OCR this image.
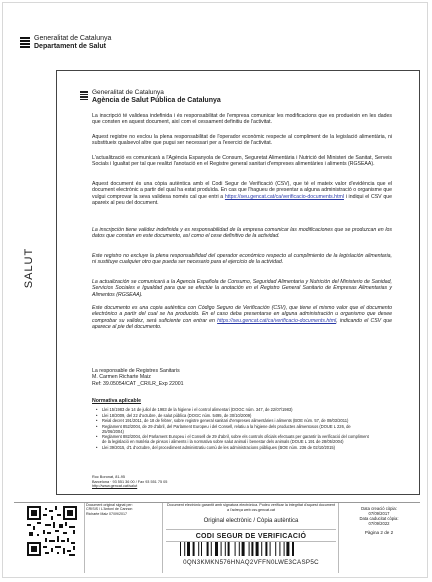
Generalitat de Catalunya
Departament de Salut
SALUT
Generalitat de Catalunya
Agència de Salut Pública de Catalunya
La inscripció té validesa indefinida i és responsabilitat de l'empresa comunicar les modificacions que es produeixin en les dades que consten en aquest document, així com el cessament definitiu de l'activitat.
Aquest registre no exclou la plena responsabilitat de l'operador econòmic respecte al compliment de la legislació alimentària, ni substitueix qualsevol altre que pugui ser necessari per a l'exercici de l'activitat.
L'actualització es comunicarà a l'Agència Espanyola de Consum, Seguretat Alimentària i Nutrició del Ministeri de Sanitat, Serveis Socials i Igualtat per tal que realitzi l'anotació en el Registre general sanitari d'empreses alimentàries i aliments (RGSEAA).
Aquest document és una còpia autèntica amb el Codi Segur de Verificació (CSV), que té el mateix valor d'evidència que el document electrònic a partir del qual ha estat produïda. En cas que l'hagueu de presentar a alguna administració o organisme que vulgui comprovar la seva validesa només cal que entri a https://seu.gencat.cat/ca/verificacio-documents.html i indiqui el CSV que apareix al peu del document.
La inscripción tiene validez indefinida y es responsabilidad de la empresa comunicar las modificaciones que se produzcan en los datos que constan en este documento, así como el cese definitivo de la actividad.
Este registro no excluye la plena responsabilidad del operador económico respecto al cumplimiento de la legislación alimentaria, ni sustituye cualquier otro que pueda ser necesario para el ejercicio de la actividad.
La actualización se comunicará a la Agencia Española de Consumo, Seguridad Alimentaria y Nutrición del Ministerio de Sanidad, Servicios Sociales e Igualdad para que se efectúe la anotación en el Registro General Sanitario de Empresas Alimentarias y Alimentos (RGSEAA).
Este documento es una copia auténtica con Código Seguro de Verificación (CSV), que tiene el mismo valor que el documento electrónico a partir del cual se ha producido. En el caso deba presentarse en alguna administración u organismo que desee comprobar su validez, será suficiente con entrar en https://seu.gencat.cat/ca/verificacio-documents.html, indicando el CSV que aparece al pie del documento.
La responsable de Registres Sanitaris
M. Carmen Richarte Maiz
Ref: 39.05054/CAT _CR/LR_Exp 22001
Normativa aplicable
• Llei 15/1983 de 14 de juliol de 1983 de la higiene i el control alimentari (DOGC núm. 347, de 22/07/1983)
• Llei 18/2009, del 22 d'octubre, de salut pública (DOGC núm. 5495, de 30/10/2009)
• Reial decret 191/2011, de 18 de febrer, sobre registre general sanitari d'empreses alimentàries i aliments (BOE núm. 57, de 08/03/2011)
• Reglament 852/2004, de 29 d'abril, del Parlament Europeu i del Consell, relatiu a la higiene dels productes alimentosos (DOUE L 226, de 25/06/2004)
• Reglament 882/2004, del Parlament Europeu i el Consell de 29 d'abril, sobre els controls oficials efectuats per garantir la verificació del compliment de la legislació en matèria de pinsos i aliments i la normativa sobre salut animal i benestar dels animals (DOUE L 191 de 28/05/2004)
• Llei 39/2015, d'1 d'octubre, del procediment administratiu comú de les administracions públiques (BOE núm. 236 de 02/10/2015)
Roc Boronat, 81-95
Barcelona · 93 551 36 00 / Fax 93 551 75 05
http://www.gencat.cat/salut
Document original signat per: CRISIS / L'Antoni de Cannon Richarte Maiz 07/09/2017
Document electrònic garantit amb signatura electrònica. Podeu verificar la integritat d'aquest document a l'adreça web csv.gencat.cat
Original electrònic / Còpia autèntica
CODI SEGUR DE VERIFICACIÓ
0QN3KMKN576HNAQ2VFFN0LWE3CASP5C
Data creació còpia:
07/09/2017
Data caducitat còpia:
07/09/2022
Pàgina 2 de 2
